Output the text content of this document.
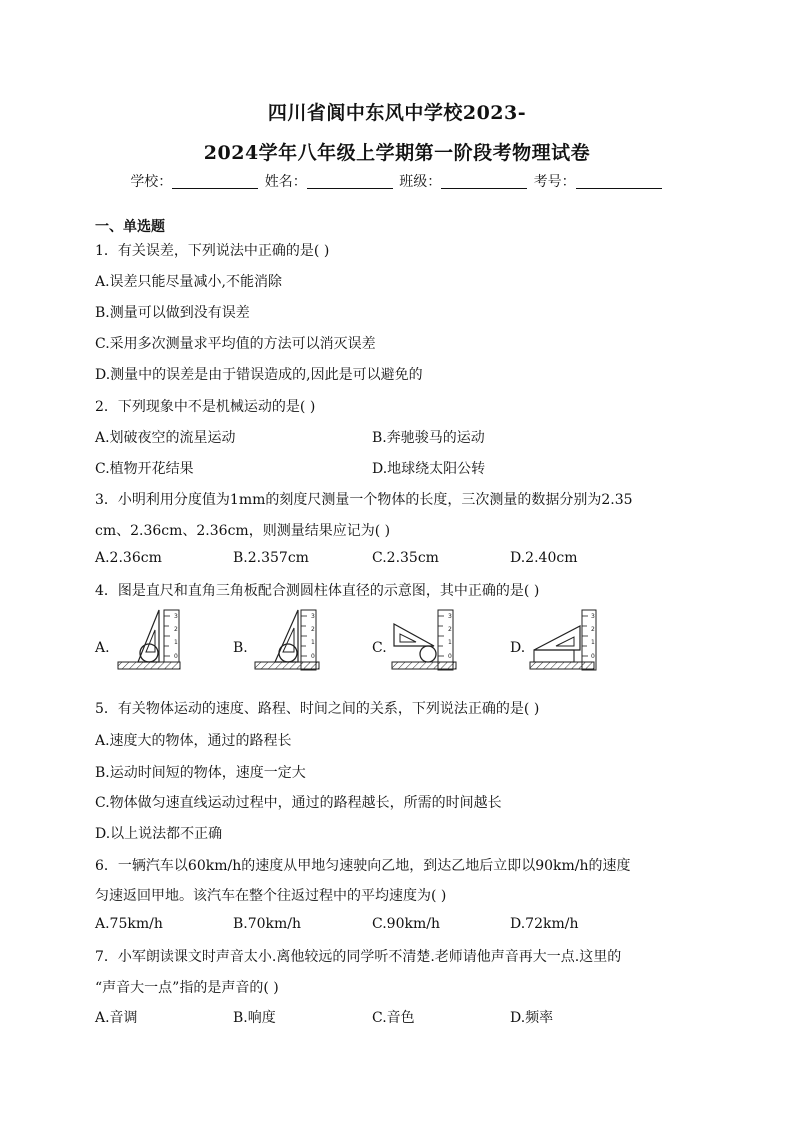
四川省阆中东风中学校2023-
2024学年八年级上学期第一阶段考物理试卷
学校：	姓名：	班级：	考号：
一、单选题
1．有关误差，下列说法中正确的是( )
A.误差只能尽量减小,不能消除
B.测量可以做到没有误差
C.采用多次测量求平均值的方法可以消灭误差
D.测量中的误差是由于错误造成的,因此是可以避免的
2．下列现象中不是机械运动的是( )
A.划破夜空的流星运动	B.奔驰骏马的运动
C.植物开花结果	D.地球绕太阳公转
3．小明利用分度值为1mm的刻度尺测量一个物体的长度，三次测量的数据分别为2.35
cm、2.36cm、2.36cm，则测量结果应记为( )
A.2.36cm	B.2.357cm	C.2.35cm	D.2.40cm
4．图是直尺和直角三角板配合测圆柱体直径的示意图，其中正确的是( )
A.
3
2
1
0
B.
3
2
1
0
C.
3
2
1
0
D.
3
2
1
0
5．有关物体运动的速度、路程、时间之间的关系，下列说法正确的是( )
A.速度大的物体，通过的路程长
B.运动时间短的物体，速度一定大
C.物体做匀速直线运动过程中，通过的路程越长，所需的时间越长
D.以上说法都不正确
6．一辆汽车以60km/h的速度从甲地匀速驶向乙地，到达乙地后立即以90km/h的速度
匀速返回甲地。该汽车在整个往返过程中的平均速度为( )
A.75km/h	B.70km/h	C.90km/h	D.72km/h
7．小军朗读课文时声音太小.离他较远的同学听不清楚.老师请他声音再大一点.这里的
“声音大一点”指的是声音的( )
A.音调	B.响度	C.音色	D.频率
